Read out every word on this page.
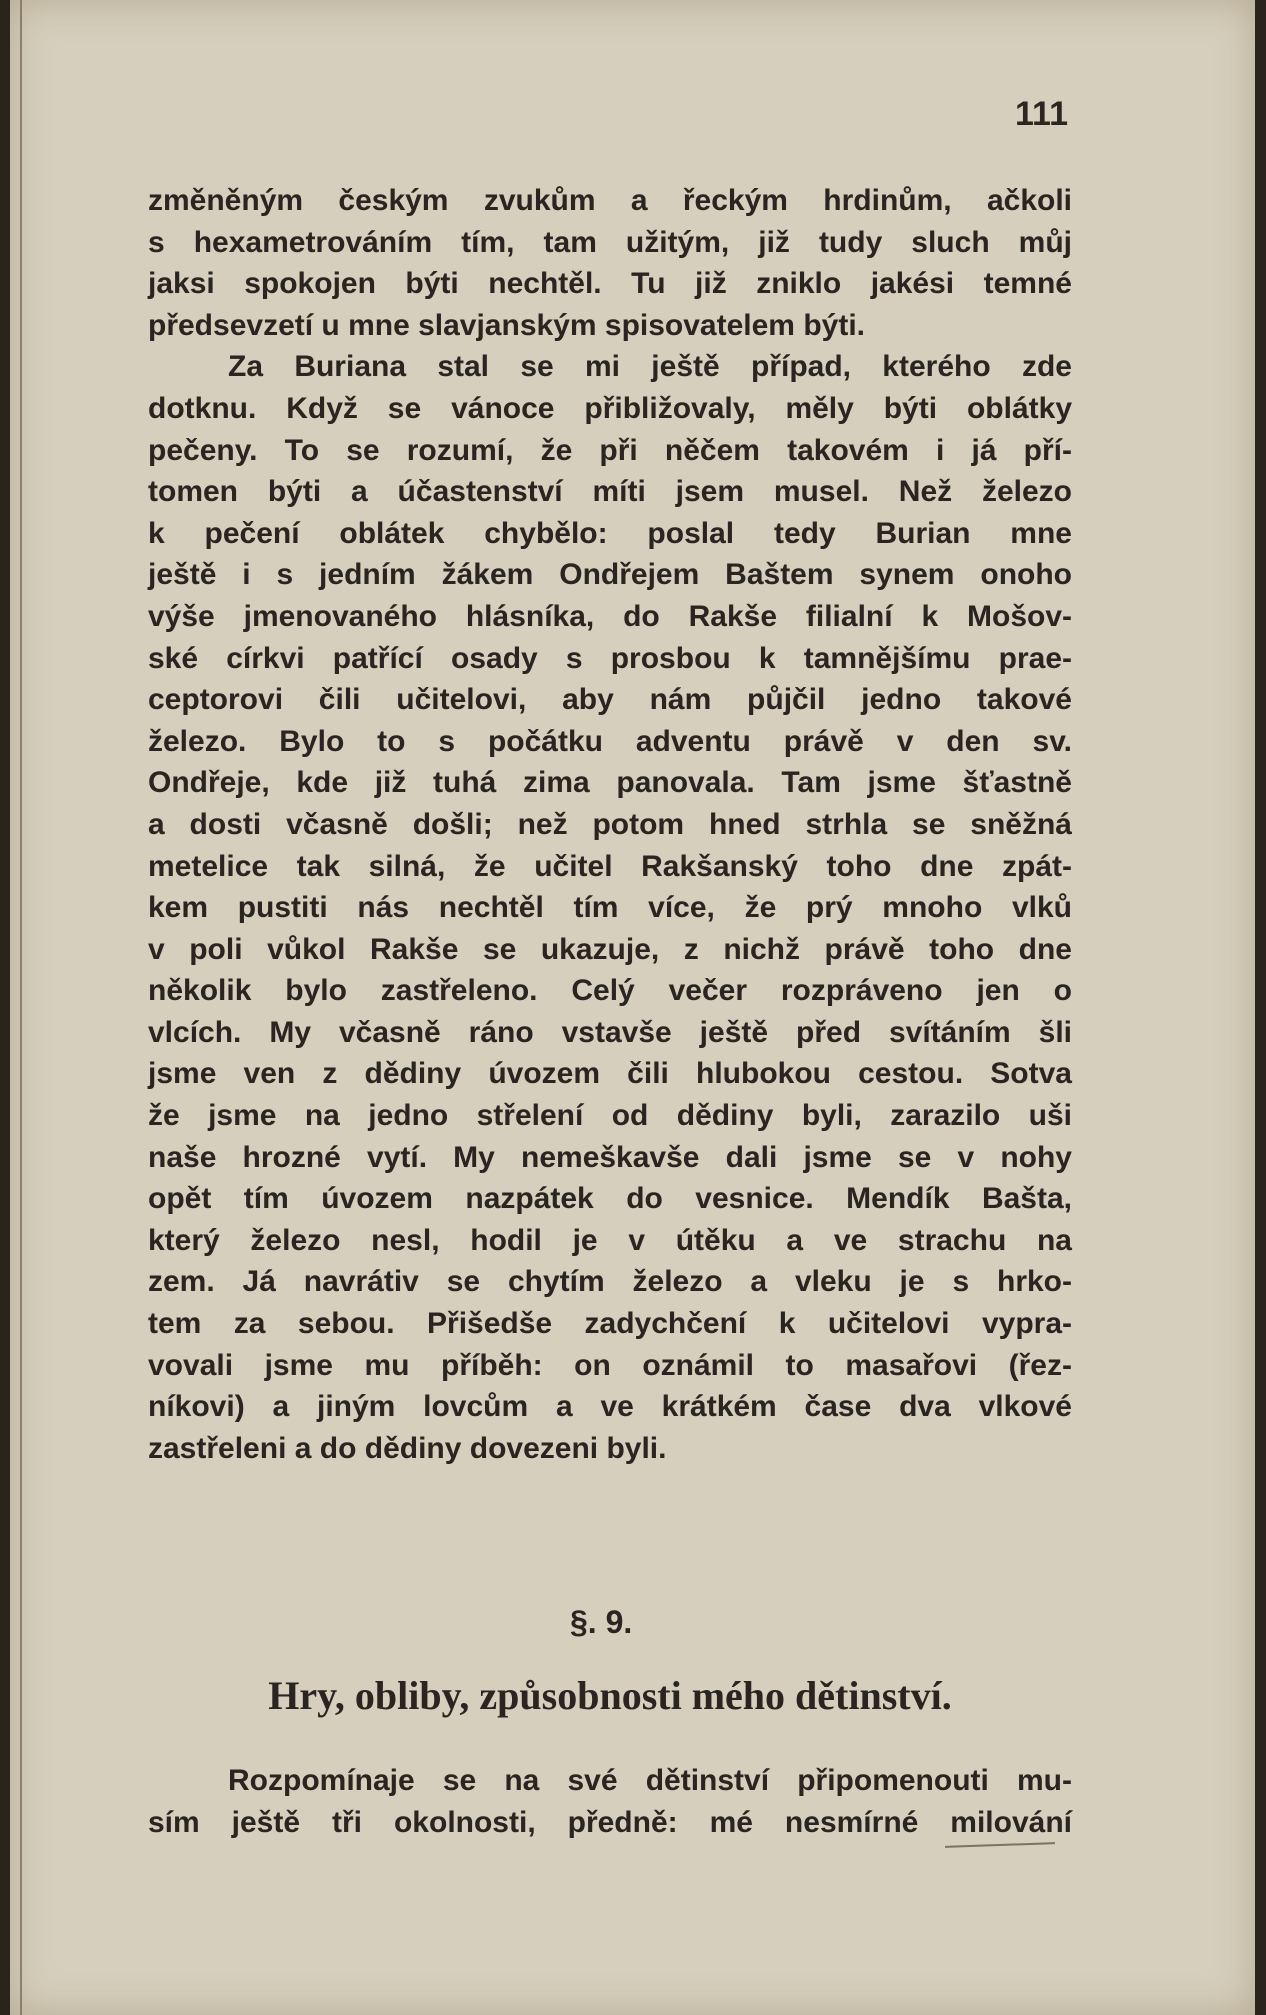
111
změněným českým zvukům a řeckým hrdinům, ačkoli
s hexametrováním tím, tam užitým, již tudy sluch můj
jaksi spokojen býti nechtěl. Tu již zniklo jakési temné
předsevzetí u mne slavjanským spisovatelem býti.
Za Buriana stal se mi ještě případ, kterého zde
dotknu. Když se vánoce přibližovaly, měly býti oblátky
pečeny. To se rozumí, že při něčem takovém i já pří-
tomen býti a účastenství míti jsem musel. Než železo
k pečení oblátek chybělo: poslal tedy Burian mne
ještě i s jedním žákem Ondřejem Baštem synem onoho
výše jmenovaného hlásníka, do Rakše filialní k Mošov-
ské církvi patřící osady s prosbou k tamnějšímu prae-
ceptorovi čili učitelovi, aby nám půjčil jedno takové
železo. Bylo to s počátku adventu právě v den sv.
Ondřeje, kde již tuhá zima panovala. Tam jsme šťastně
a dosti včasně došli; než potom hned strhla se sněžná
metelice tak silná, že učitel Rakšanský toho dne zpát-
kem pustiti nás nechtěl tím více, že prý mnoho vlků
v poli vůkol Rakše se ukazuje, z nichž právě toho dne
několik bylo zastřeleno. Celý večer rozpráveno jen o
vlcích. My včasně ráno vstavše ještě před svítáním šli
jsme ven z dědiny úvozem čili hlubokou cestou. Sotva
že jsme na jedno střelení od dědiny byli, zarazilo uši
naše hrozné vytí. My nemeškavše dali jsme se v nohy
opět tím úvozem nazpátek do vesnice. Mendík Bašta,
který železo nesl, hodil je v útěku a ve strachu na
zem. Já navrátiv se chytím železo a vleku je s hrko-
tem za sebou. Přišedše zadychčení k učitelovi vypra-
vovali jsme mu příběh: on oznámil to masařovi (řez-
níkovi) a jiným lovcům a ve krátkém čase dva vlkové
zastřeleni a do dědiny dovezeni byli.
§. 9.
Hry, obliby, způsobnosti mého dětinství.
Rozpomínaje se na své dětinství připomenouti mu-
sím ještě tři okolnosti, předně: mé nesmírné milování
